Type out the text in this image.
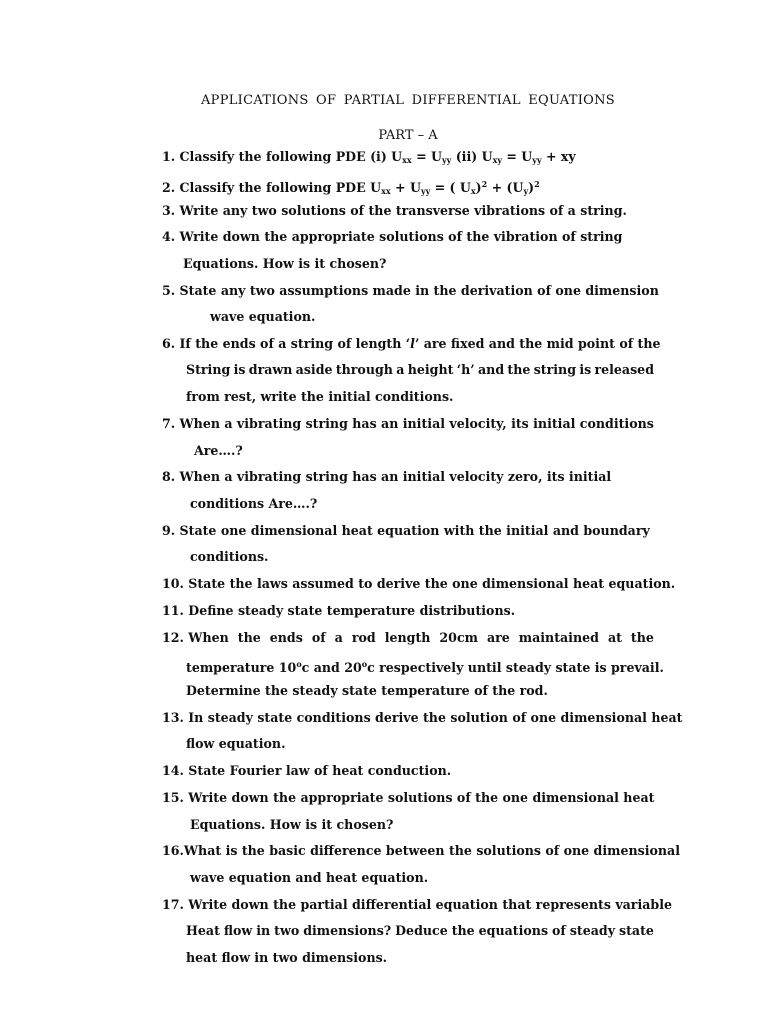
APPLICATIONS OF PARTIAL DIFFERENTIAL EQUATIONS
PART – A
1. Classify the following PDE (i) $U_{xx} = U_{yy}$ (ii) $U_{xy} = U_{yy}$ + xy
2. Classify the following PDE $U_{xx} + U_{yy}$ = ( $U_x)^2 + (U_y)^2$
3. Write any two solutions of the transverse vibrations of a string.
4. Write down the appropriate solutions of the vibration of string
Equations. How is it chosen?
5. State any two assumptions made in the derivation of one dimension
wave equation.
6. If the ends of a string of length ‘l’ are fixed and the mid point of the
String is drawn aside through a height ‘h’ and the string is released
from rest, write the initial conditions.
7. When a vibrating string has an initial velocity, its initial conditions
Are….?
8. When a vibrating string has an initial velocity zero, its initial
conditions Are….?
9. State one dimensional heat equation with the initial and boundary
conditions.
10. State the laws assumed to derive the one dimensional heat equation.
11. Define steady state temperature distributions.
12. When the ends of a rod length 20cm are maintained at the
temperature 10$^o$c and 20$^o$c respectively until steady state is prevail.
Determine the steady state temperature of the rod.
13. In steady state conditions derive the solution of one dimensional heat
flow equation.
14. State Fourier law of heat conduction.
15. Write down the appropriate solutions of the one dimensional heat
Equations. How is it chosen?
16.What is the basic difference between the solutions of one dimensional
wave equation and heat equation.
17. Write down the partial differential equation that represents variable
Heat flow in two dimensions? Deduce the equations of steady state
heat flow in two dimensions.
